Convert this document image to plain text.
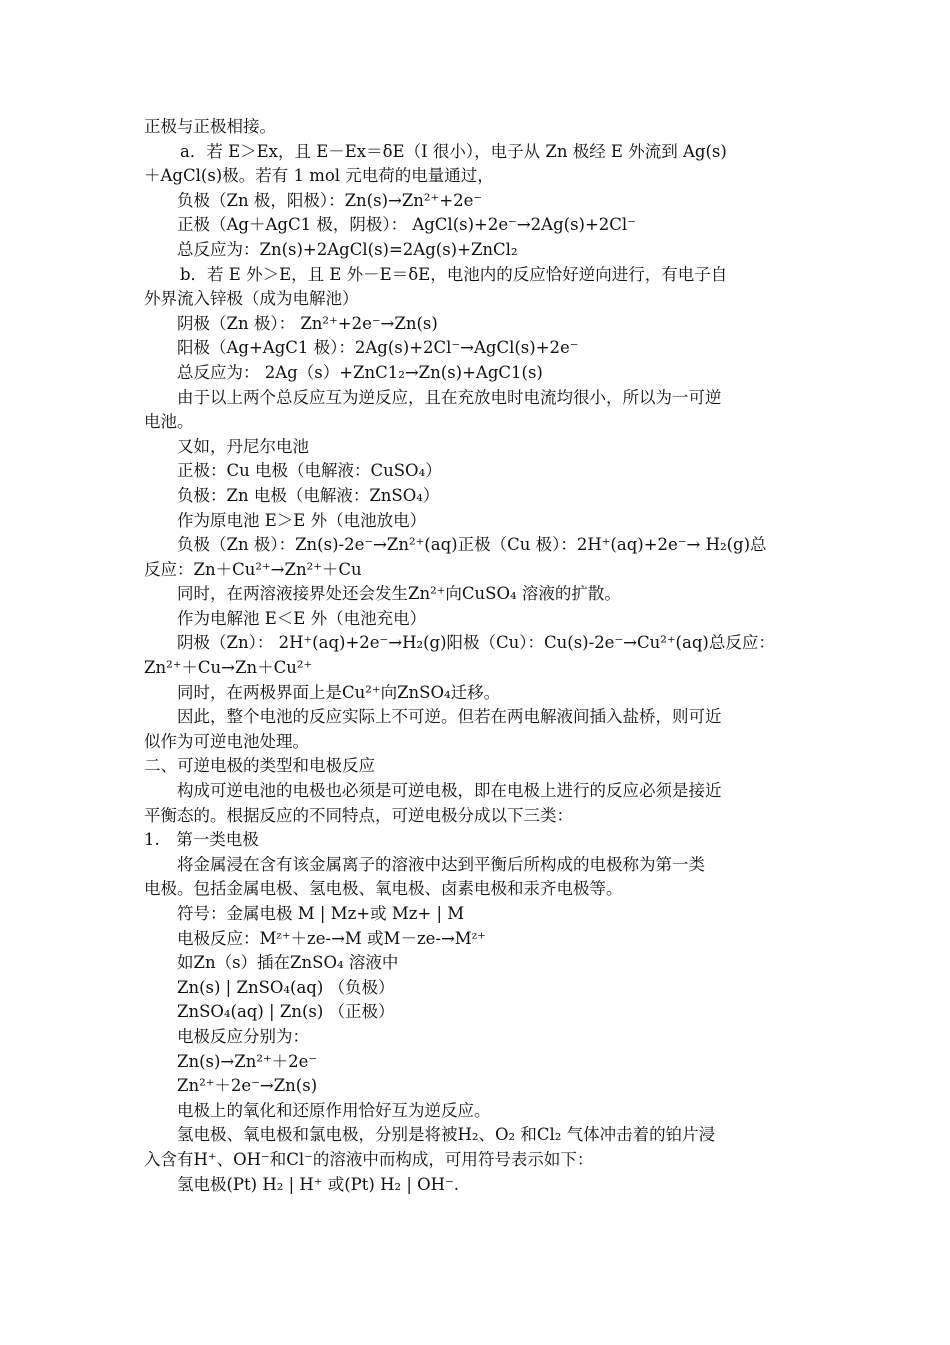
正极与正极相接。
a．若 E＞Ex，且 E－Ex＝δE（I 很小），电子从 Zn 极经 E 外流到 Ag(s)
＋AgCl(s)极。若有 1 mol 元电荷的电量通过，
负极（Zn 极，阳极）：Zn(s)→Zn²⁺+2e⁻
正极（Ag＋AgC1 极，阴极）： AgCl(s)+2e⁻→2Ag(s)+2Cl⁻
总反应为：Zn(s)+2AgCl(s)=2Ag(s)+ZnCl₂
b．若 E 外＞E，且 E 外－E＝δE，电池内的反应恰好逆向进行，有电子自
外界流入锌极（成为电解池）
阴极（Zn 极）： Zn²⁺+2e⁻→Zn(s)
阳极（Ag+AgC1 极）：2Ag(s)+2Cl⁻→AgCl(s)+2e⁻
总反应为： 2Ag（s）+ZnC1₂→Zn(s)+AgC1(s)
由于以上两个总反应互为逆反应，且在充放电时电流均很小，所以为一可逆
电池。
又如，丹尼尔电池
正极：Cu 电极（电解液：CuSO₄）
负极：Zn 电极（电解液：ZnSO₄）
作为原电池 E＞E 外（电池放电）
负极（Zn 极）：Zn(s)-2e⁻→Zn²⁺(aq)正极（Cu 极）：2H⁺(aq)+2e⁻→ H₂(g)总
反应：Zn＋Cu²⁺→Zn²⁺＋Cu
同时，在两溶液接界处还会发生Zn²⁺向CuSO₄ 溶液的扩散。
作为电解池 E＜E 外（电池充电）
阴极（Zn）： 2H⁺(aq)+2e⁻→H₂(g)阳极（Cu）：Cu(s)-2e⁻→Cu²⁺(aq)总反应：
Zn²⁺＋Cu→Zn＋Cu²⁺
同时，在两极界面上是Cu²⁺向ZnSO₄迁移。
因此，整个电池的反应实际上不可逆。但若在两电解液间插入盐桥，则可近
似作为可逆电池处理。
二、可逆电极的类型和电极反应
构成可逆电池的电极也必须是可逆电极，即在电极上进行的反应必须是接近
平衡态的。根据反应的不同特点，可逆电极分成以下三类：
1.　第一类电极
将金属浸在含有该金属离子的溶液中达到平衡后所构成的电极称为第一类
电极。包括金属电极、氢电极、氧电极、卤素电极和汞齐电极等。
符号：金属电极 M | Mz+或 Mz+ | M
电极反应：Mᶻ⁺＋ze-→M 或M－ze-→Mᶻ⁺
如Zn（s）插在ZnSO₄ 溶液中
Zn(s) | ZnSO₄(aq) （负极）
ZnSO₄(aq) | Zn(s) （正极）
电极反应分别为：
Zn(s)→Zn²⁺＋2e⁻
Zn²⁺＋2e⁻→Zn(s)
电极上的氧化和还原作用恰好互为逆反应。
氢电极、氧电极和氯电极，分别是将被H₂、O₂ 和Cl₂ 气体冲击着的铂片浸
入含有H⁺、OH⁻和Cl⁻的溶液中而构成，可用符号表示如下：
氢电极(Pt) H₂ | H⁺ 或(Pt) H₂ | OH⁻.
